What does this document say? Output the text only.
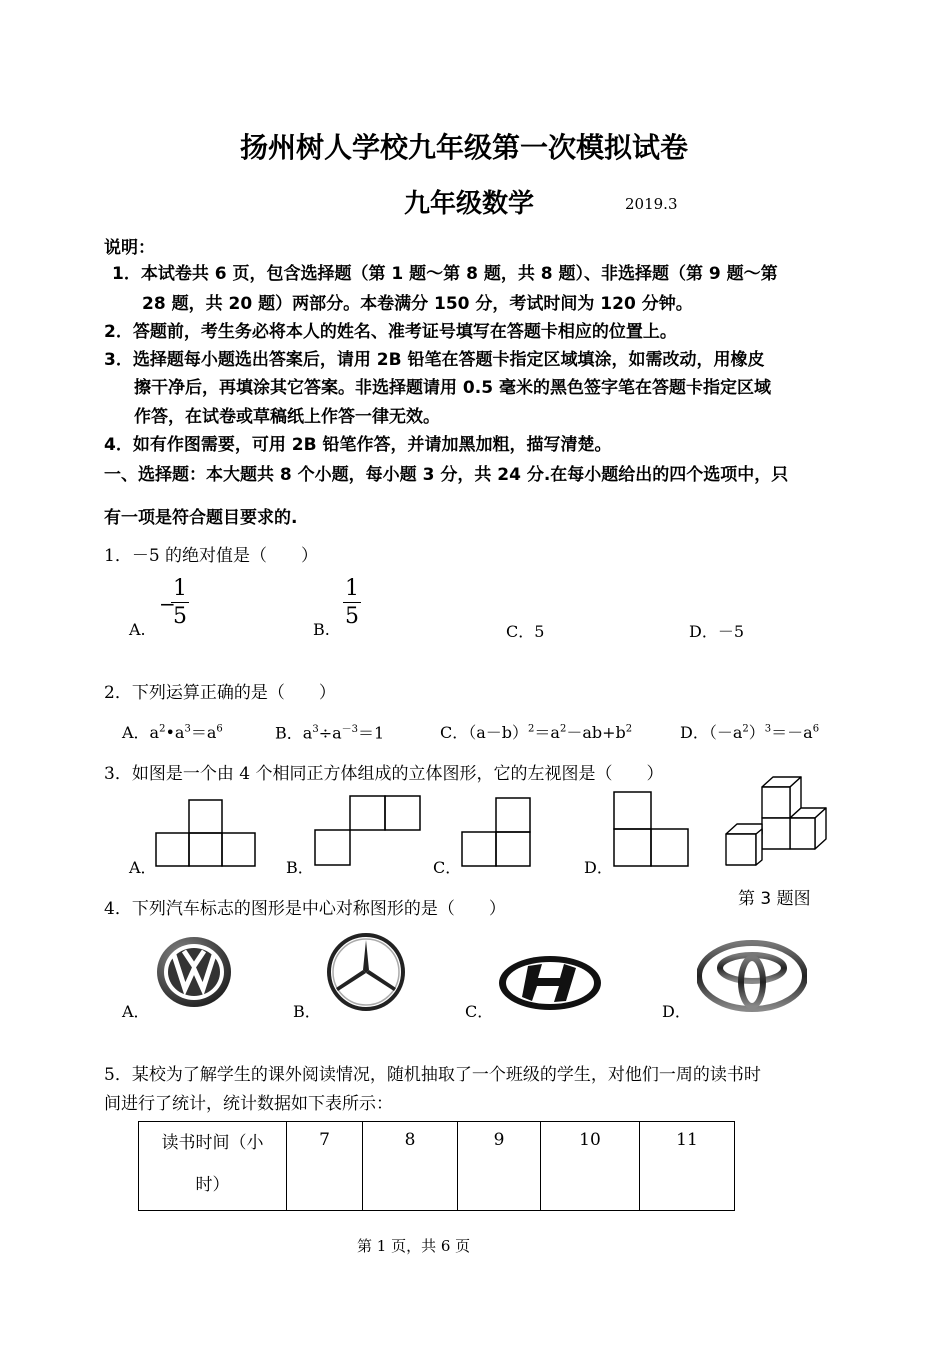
扬州树人学校九年级第一次模拟试卷
九年级数学	2019.3
说明：
1．本试卷共 6 页，包含选择题（第 1 题～第 8 题，共 8 题）、非选择题（第 9 题～第
28 题，共 20 题）两部分。本卷满分 150 分，考试时间为 120 分钟。
2．答题前，考生务必将本人的姓名、准考证号填写在答题卡相应的位置上。
3．选择题每小题选出答案后，请用 2B 铅笔在答题卡指定区域填涂，如需改动，用橡皮
擦干净后，再填涂其它答案。非选择题请用 0.5 毫米的黑色签字笔在答题卡指定区域
作答，在试卷或草稿纸上作答一律无效。
4．如有作图需要，可用 2B 铅笔作答，并请加黑加粗，描写清楚。
一、选择题：本大题共 8 个小题，每小题 3 分，共 24 分.在每小题给出的四个选项中，只
有一项是符合题目要求的.
1．－5 的绝对值是（　　）
A.
−
$\frac{1}{5}$
B.
$\frac{1}{5}$
C．5	D．－5
2．下列运算正确的是（　　）
A．$a^2•a^3=a^6$	B．$a^3\div a^{-3}=1$	C．$(a-b)^2=a^2-ab+b^2$	D．$(-a^2)^3=-a^6$
3．如图是一个由 4 个相同正方体组成的立体图形，它的左视图是（　　）
A．	B．	C．	D．
第 3 题图
4．下列汽车标志的图形是中心对称图形的是（　　）
A．	B．	C．	D．
5．某校为了解学生的课外阅读情况，随机抽取了一个班级的学生，对他们一周的读书时
间进行了统计，统计数据如下表所示：
读书时间（小
时）
	7	8	9	10	11
第 1 页，共 6 页
